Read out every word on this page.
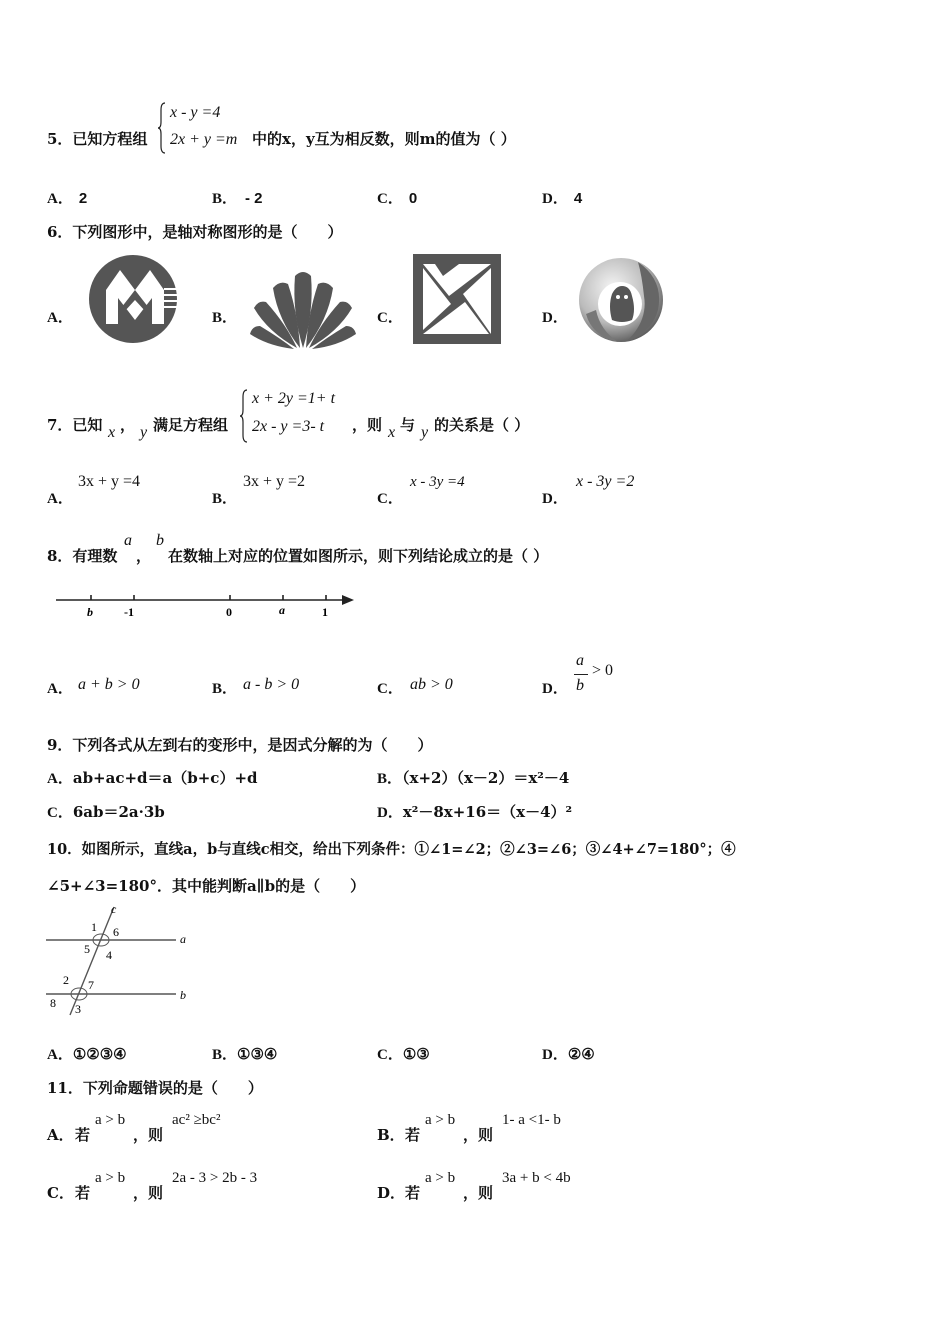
5．已知方程组
x - y =4
2x + y =m 中的x，y互为相反数，则m的值为（ ）
A． 2	B． - 2	C． 0	D． 4
6．下列图形中，是轴对称图形的是（　　）
A．	B．	C．	D．
7．已知 x ， y 满足方程组
x + 2y =1+ t
2x - y =3- t ，则 x 与 y 的关系是（ ）
A．
3x + y =4
B．
3x + y =2
C．
x - 3y =4
D．
x - 3y =2
8．有理数
a
，
b
在数轴上对应的位置如图所示，则下列结论成立的是（ ）
b	-1	0	a	1
A． a + b > 0	B． a - b > 0	C． ab > 0	D．
a
b
> 0
9．下列各式从左到右的变形中，是因式分解的为（　　）
A．ab+ac+d＝a（b+c）+d	B．（x+2）（x－2）＝x²－4
C．6ab＝2a·3b	D．x²－8x+16＝（x－4）²
10．如图所示，直线a，b与直线c相交，给出下列条件：①∠1=∠2；②∠3=∠6；③∠4+∠7=180°；④
∠5+∠3=180°．其中能判断a∥b的是（　　）
c
1 6
5 4
a
2 7
8 3
b
A．①②③④	B．①③④	C．①③	D．②④
11．下列命题错误的是（　　）
A． 若
a > b
，则
ac² ≥bc²
B． 若
a > b
，则
1- a <1- b
C． 若
a > b
，则
2a - 3 > 2b - 3
D． 若
a > b
，则
3a + b < 4b
